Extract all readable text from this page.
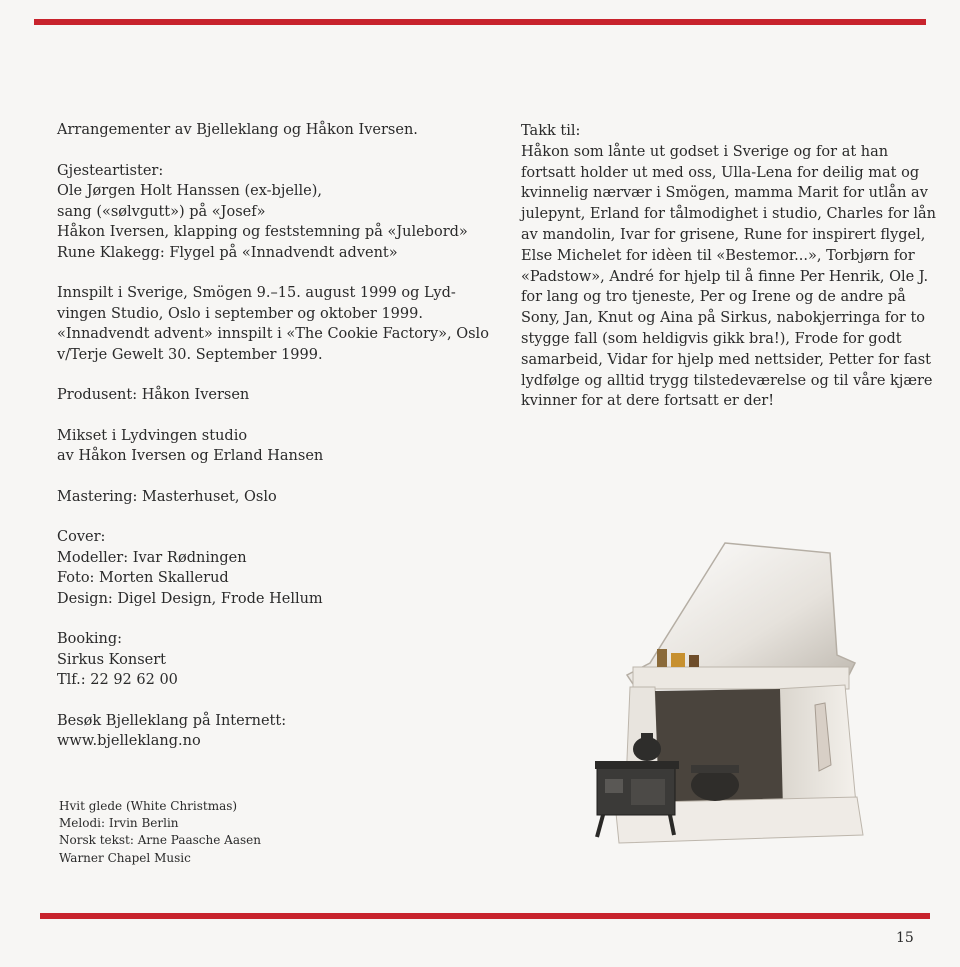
Arrangementer av Bjelleklang og Håkon Iversen.
Gjesteartister:
Ole Jørgen Holt Hanssen (ex-bjelle),
sang («sølvgutt») på «Josef»
Håkon Iversen, klapping og feststemning på «Julebord»
Rune Klakegg: Flygel på «Innadvendt advent»
Innspilt i Sverige, Smögen 9.–15. august 1999 og Lyd-
vingen Studio, Oslo i september og oktober 1999.
«Innadvendt advent» innspilt i «The Cookie Factory», Oslo
v/Terje Gewelt 30. September 1999.
Produsent: Håkon Iversen
Mikset i Lydvingen studio
av Håkon Iversen og Erland Hansen
Mastering: Masterhuset, Oslo
Cover:
Modeller: Ivar Rødningen
Foto: Morten Skallerud
Design: Digel Design, Frode Hellum
Booking:
Sirkus Konsert
Tlf.: 22 92 62 00
Besøk Bjelleklang på Internett:
www.bjelleklang.no
Hvit glede (White Christmas)
Melodi: Irvin Berlin
Norsk tekst: Arne Paasche Aasen
Warner Chapel Music
Takk til:
Håkon som lånte ut godset i Sverige og for at han
fortsatt holder ut med oss, Ulla-Lena for deilig mat og
kvinnelig nærvær i Smögen, mamma Marit for utlån av
julepynt, Erland for tålmodighet i studio, Charles for lån
av mandolin, Ivar for grisene, Rune for inspirert flygel,
Else Michelet for idèen til «Bestemor...», Torbjørn for
«Padstow», André for hjelp til å finne Per Henrik, Ole J.
for lang og tro tjeneste, Per og Irene og de andre på
Sony, Jan, Knut og Aina på Sirkus, nabokjerringa for to
stygge fall (som heldigvis gikk bra!), Frode for godt
samarbeid, Vidar for hjelp med nettsider, Petter for fast
lydfølge og alltid trygg tilstedeværelse og til våre kjære
kvinner for at dere fortsatt er der!
15
